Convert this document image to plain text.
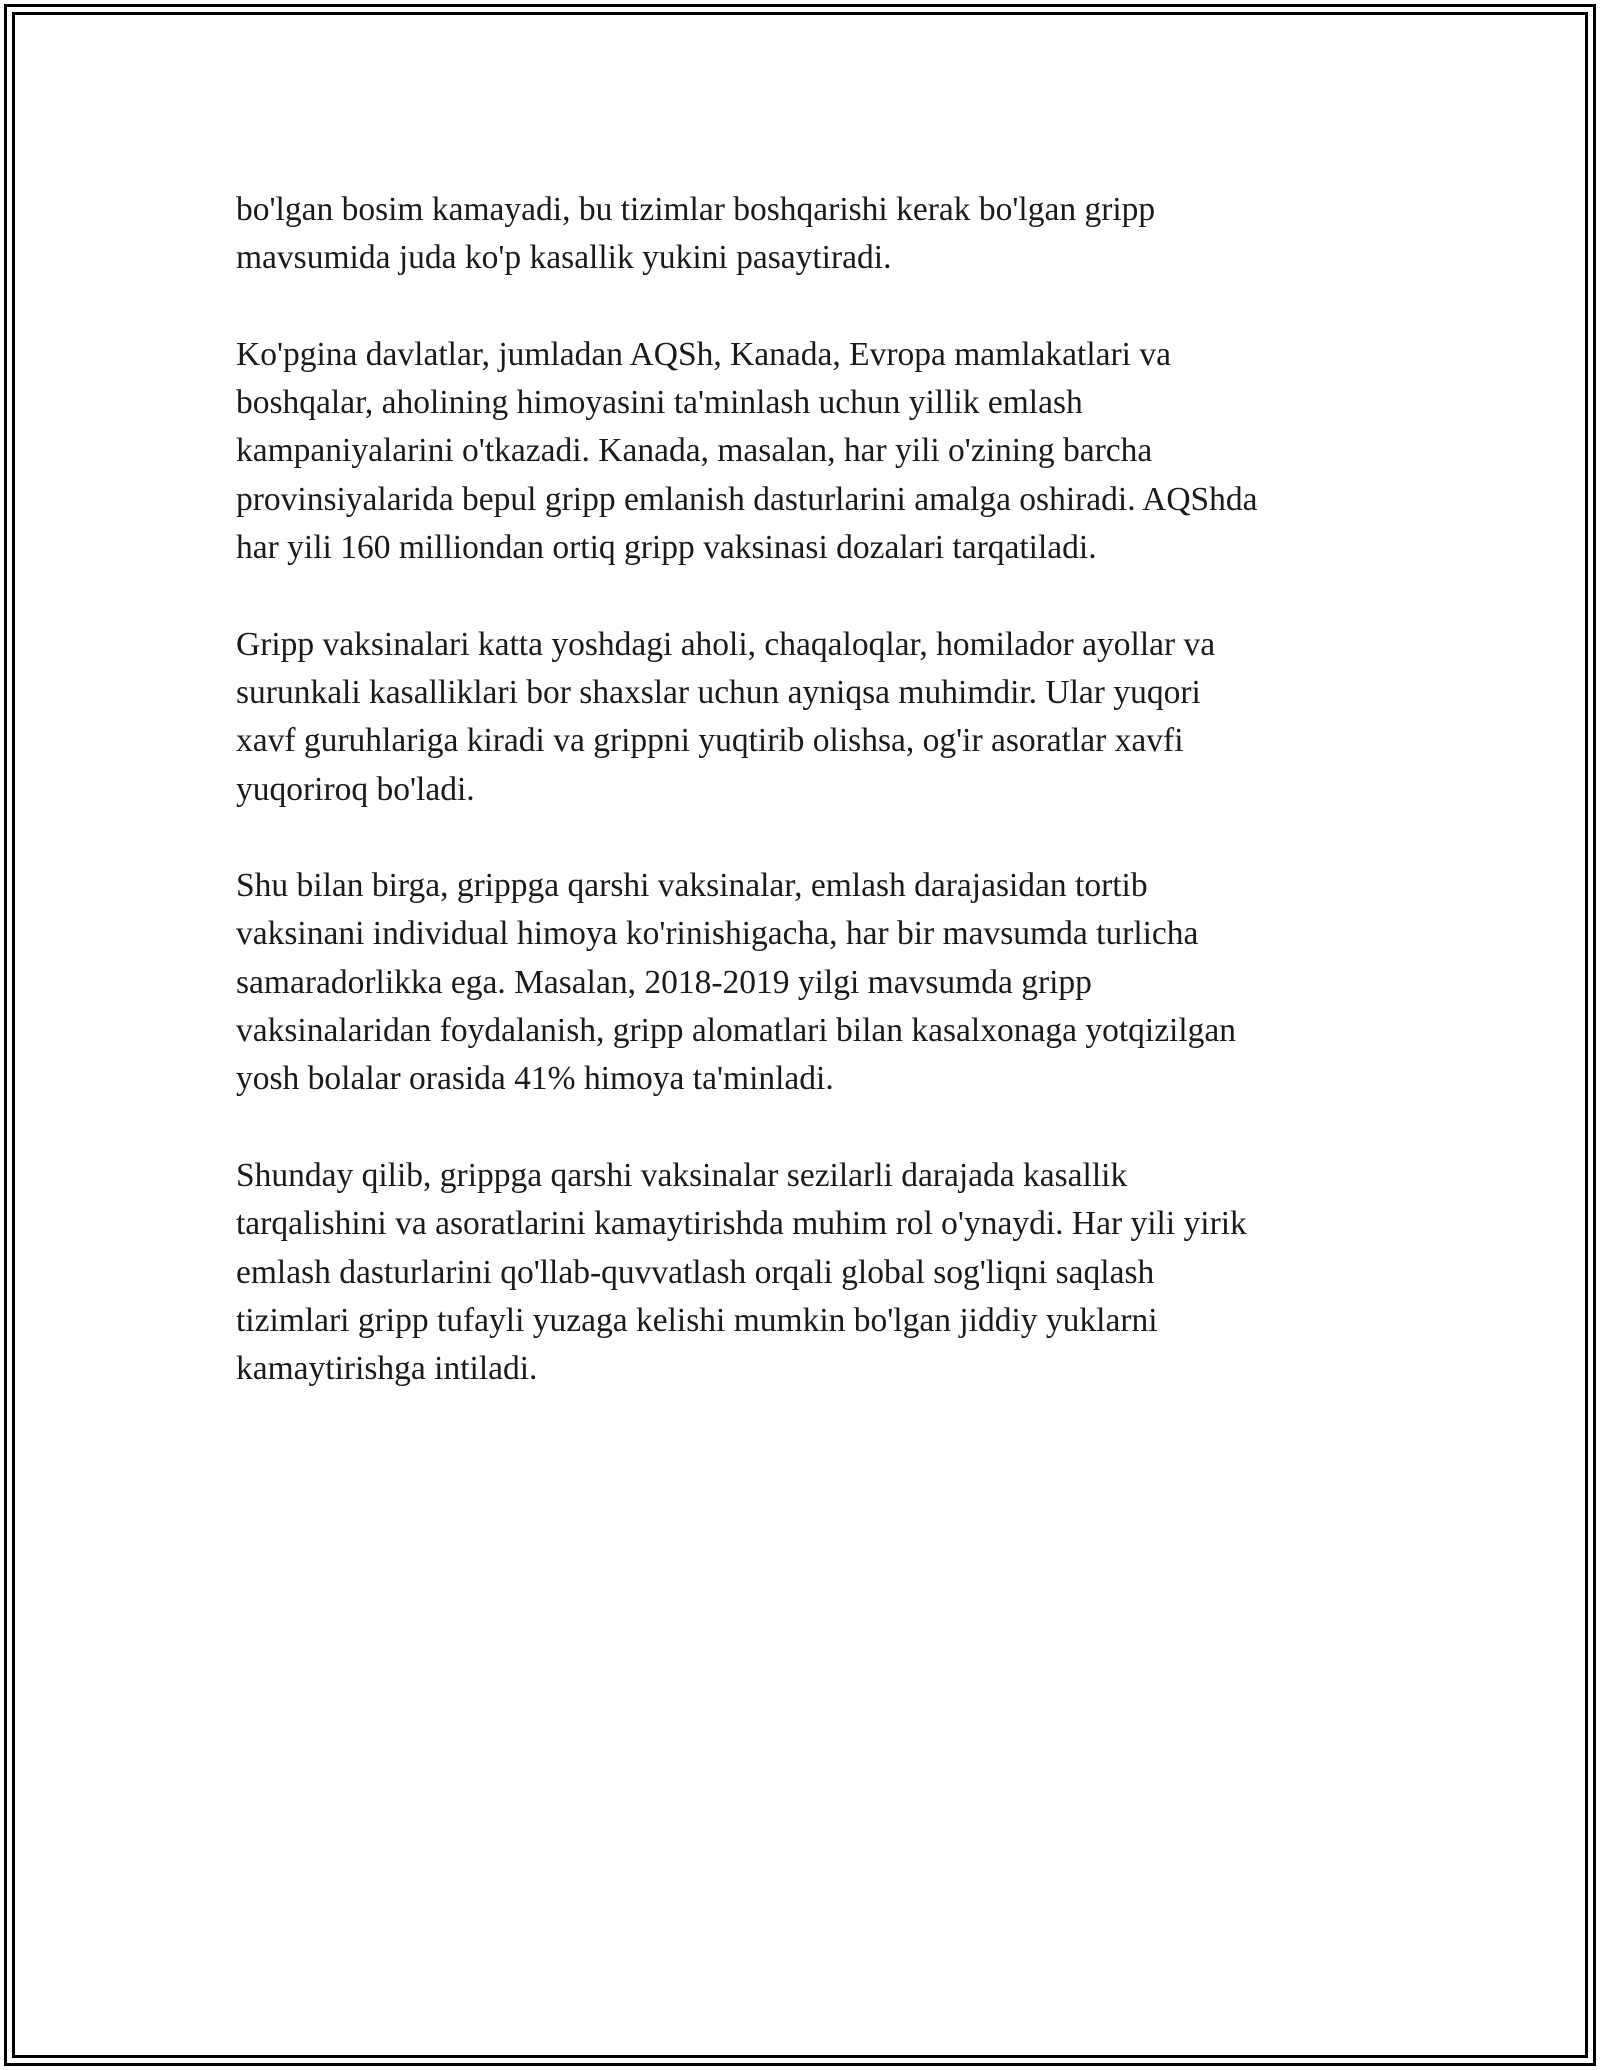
bo'lgan bosim kamayadi, bu tizimlar boshqarishi kerak bo'lgan gripp
mavsumida juda ko'p kasallik yukini pasaytiradi.

Ko'pgina davlatlar, jumladan AQSh, Kanada, Evropa mamlakatlari va
boshqalar, aholining himoyasini ta'minlash uchun yillik emlash
kampaniyalarini o'tkazadi. Kanada, masalan, har yili o'zining barcha
provinsiyalarida bepul gripp emlanish dasturlarini amalga oshiradi. AQShda
har yili 160 milliondan ortiq gripp vaksinasi dozalari tarqatiladi.

Gripp vaksinalari katta yoshdagi aholi, chaqaloqlar, homilador ayollar va
surunkali kasalliklari bor shaxslar uchun ayniqsa muhimdir. Ular yuqori
xavf guruhlariga kiradi va grippni yuqtirib olishsa, og'ir asoratlar xavfi
yuqoriroq bo'ladi.

Shu bilan birga, grippga qarshi vaksinalar, emlash darajasidan tortib
vaksinani individual himoya ko'rinishigacha, har bir mavsumda turlicha
samaradorlikka ega. Masalan, 2018-2019 yilgi mavsumda gripp
vaksinalaridan foydalanish, gripp alomatlari bilan kasalxonaga yotqizilgan
yosh bolalar orasida 41% himoya ta'minladi.

Shunday qilib, grippga qarshi vaksinalar sezilarli darajada kasallik
tarqalishini va asoratlarini kamaytirishda muhim rol o'ynaydi. Har yili yirik
emlash dasturlarini qo'llab-quvvatlash orqali global sog'liqni saqlash
tizimlari gripp tufayli yuzaga kelishi mumkin bo'lgan jiddiy yuklarni
kamaytirishga intiladi.
